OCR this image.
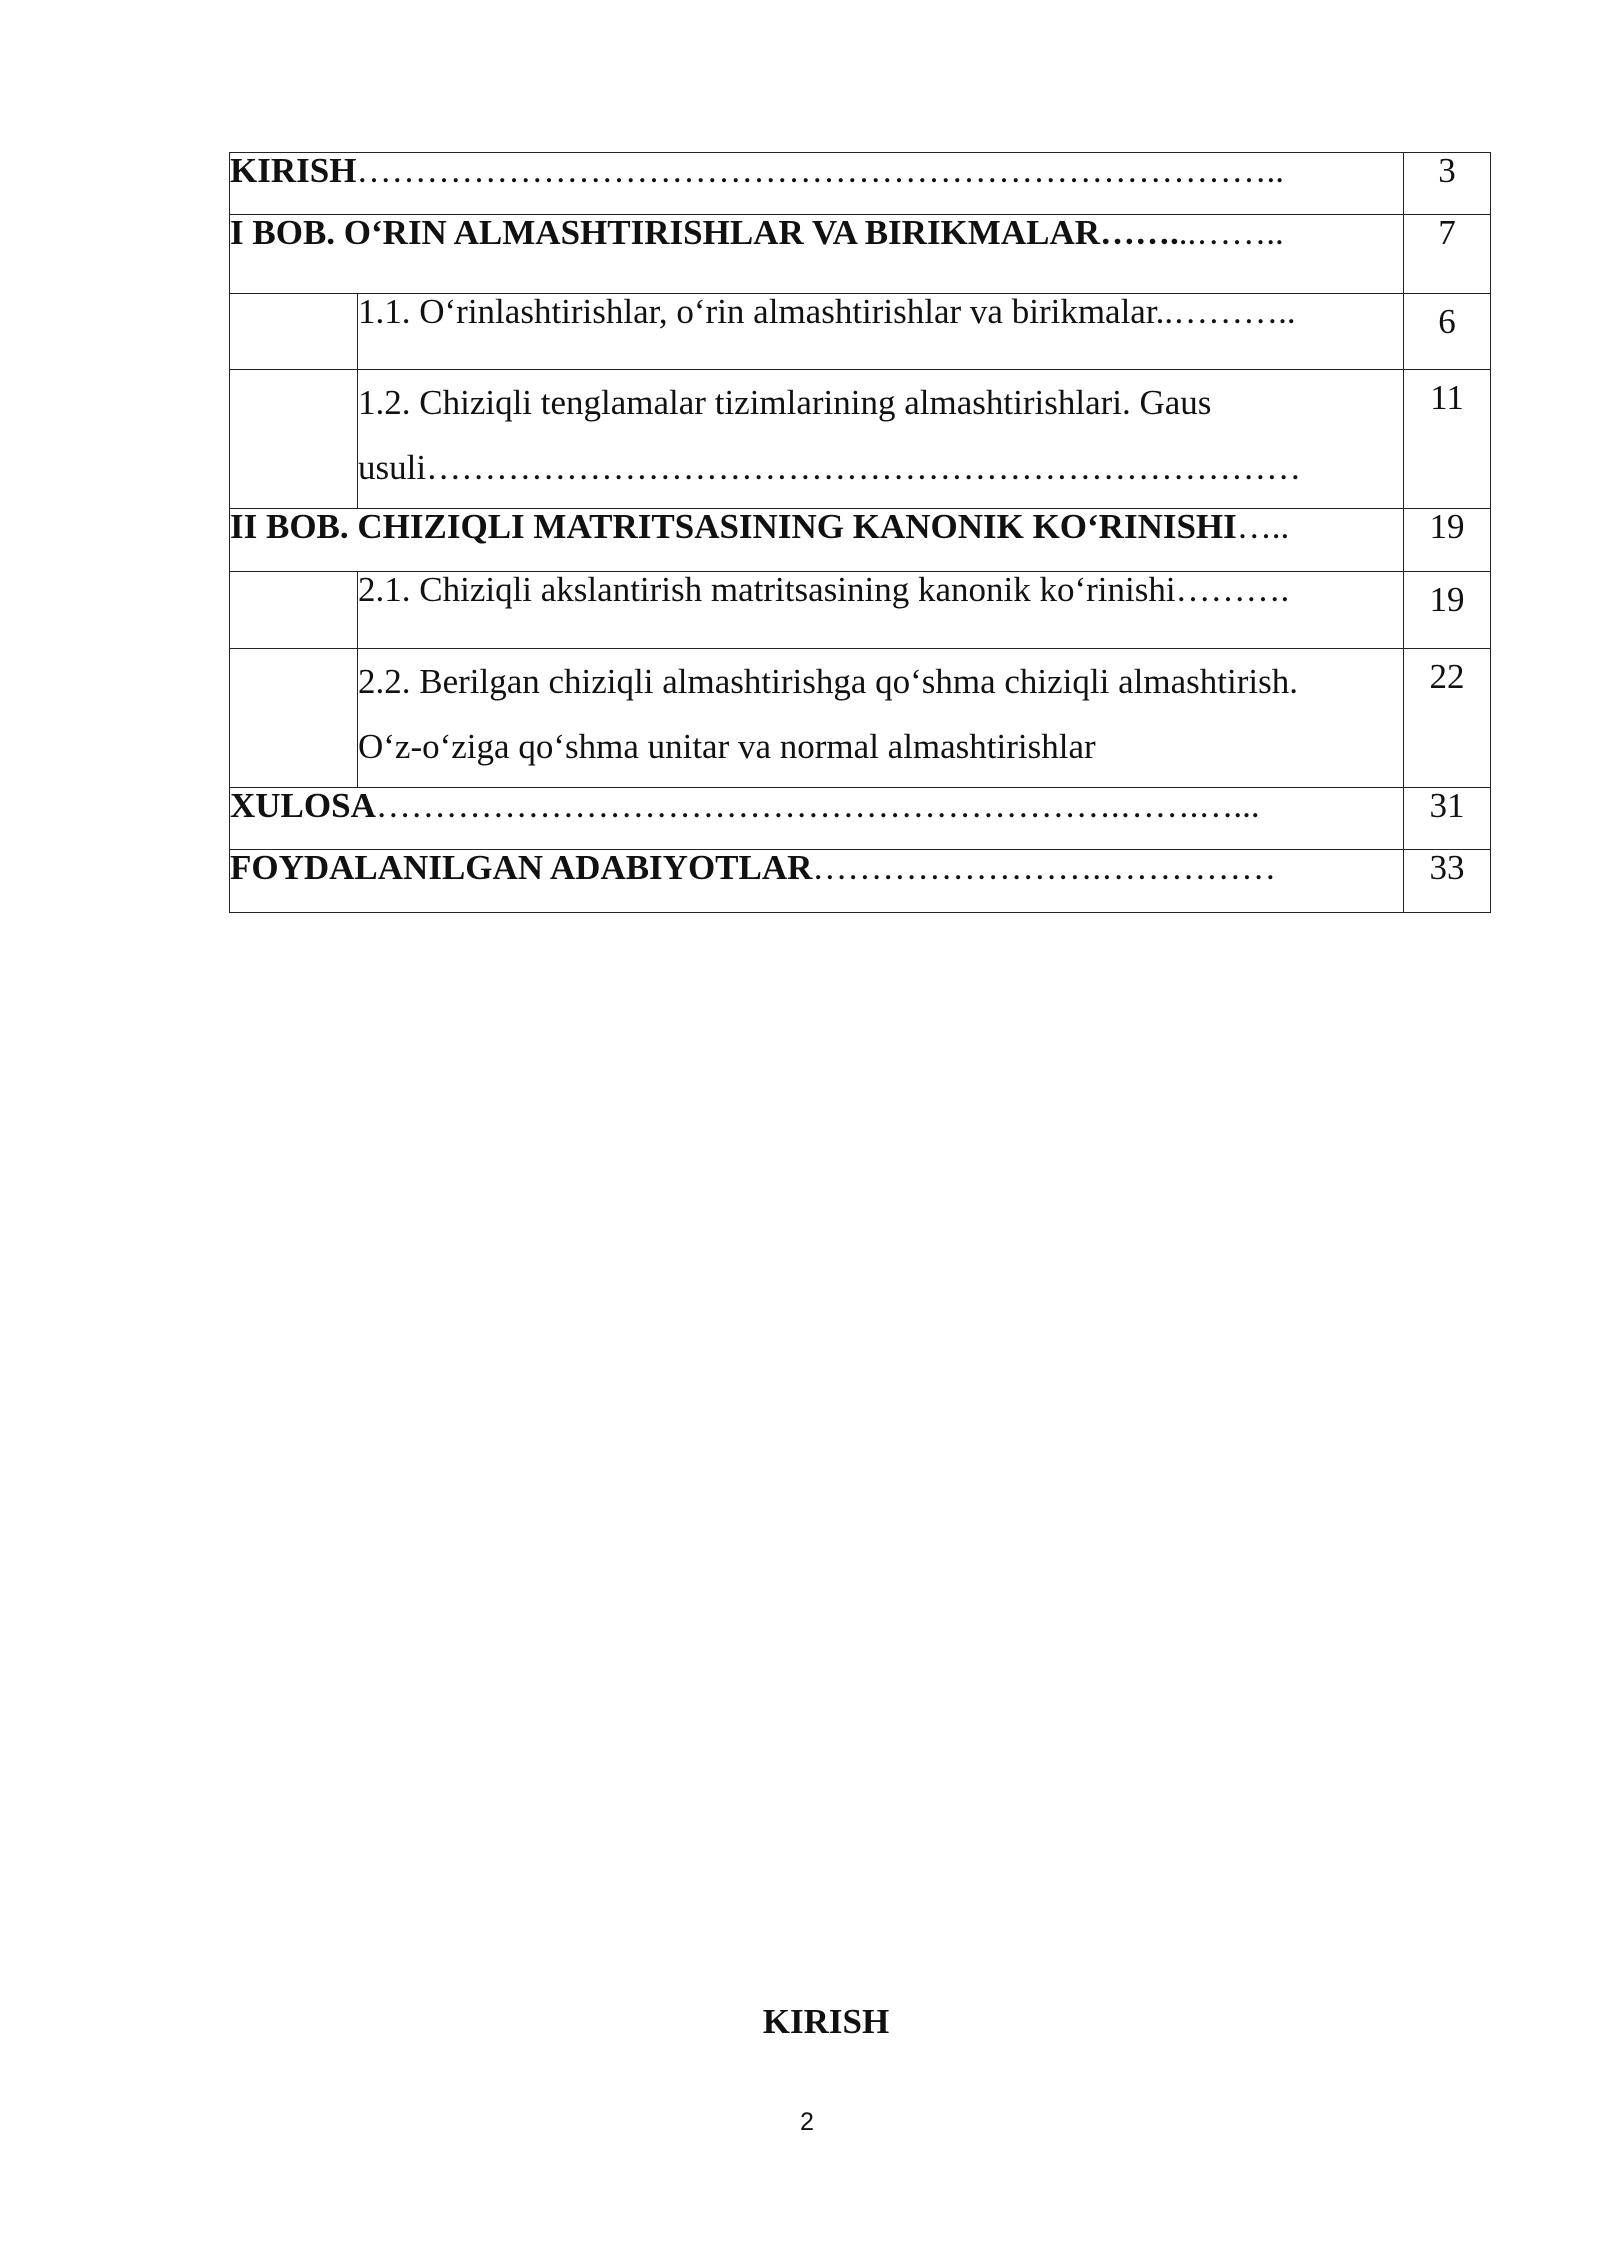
KIRISH……………………………………………………………………..		3
I BOB. O‘RIN ALMASHTIRISHLAR VA BIRIKMALAR……...……..		7
	1.1. O‘rinlashtirishlar, o‘rin almashtirishlar va birikmalar..………..	6

	1.2. Chiziqli tenglamalar tizimlarining almashtirishlari. Gaus
usuli…………………………………………………………………	11
II BOB. CHIZIQLI MATRITSASINING KANONIK KO‘RINISHI…..		19
	2.1. Chiziqli akslantirish matritsasining kanonik ko‘rinishi……….	19

	2.2. Berilgan chiziqli almashtirishga qo‘shma chiziqli almashtirish.
O‘z-o‘ziga qo‘shma unitar va normal almashtirishlar	22
XULOSA……………………………………………………….…….…...		31
FOYDALANILGAN ADABIYOTLAR…………………….……………		33
KIRISH
2
